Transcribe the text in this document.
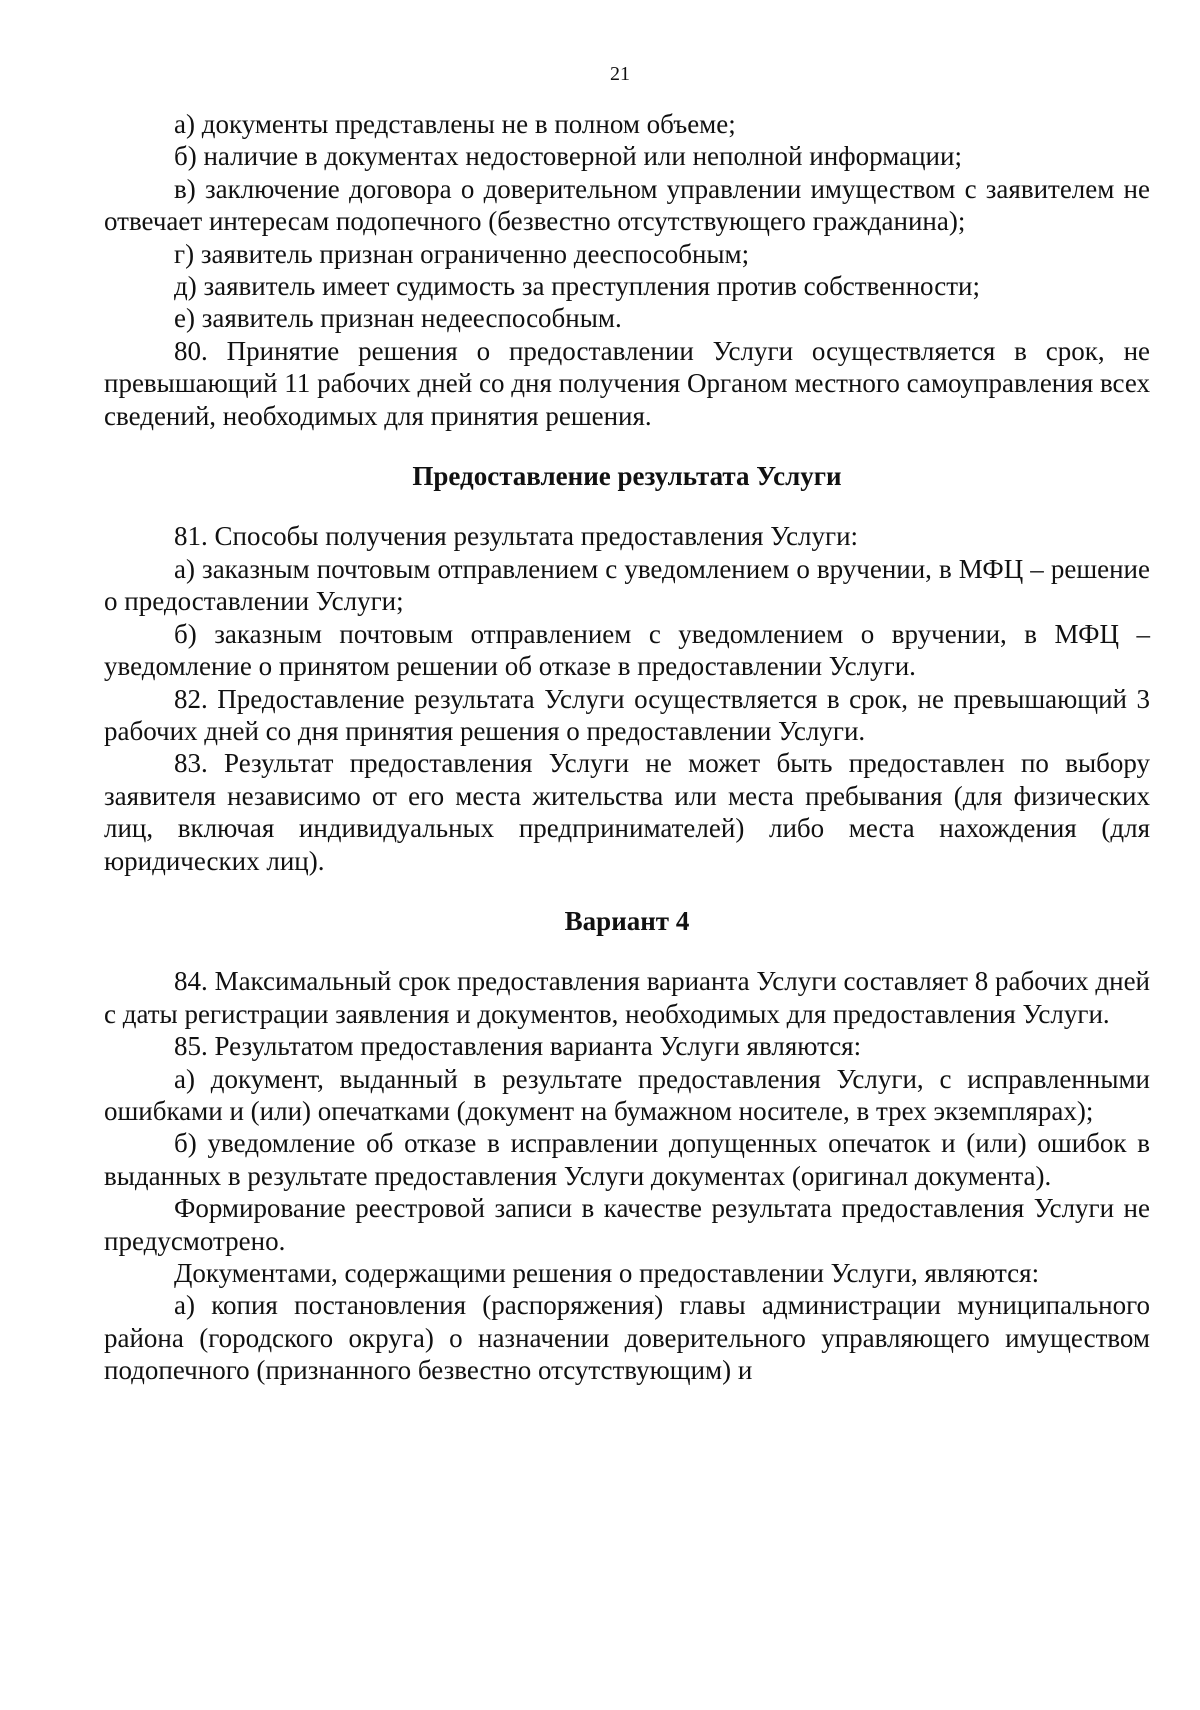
21

а) документы представлены не в полном объеме;

б) наличие в документах недостоверной или неполной информации;

в) заключение договора о доверительном управлении имуществом с заявителем не отвечает интересам подопечного (безвестно отсутствующего гражданина);

г) заявитель признан ограниченно дееспособным;

д) заявитель имеет судимость за преступления против собственности;

е) заявитель признан недееспособным.

80. Принятие решения о предоставлении Услуги осуществляется в срок, не превышающий 11 рабочих дней со дня получения Органом местного самоуправления всех сведений, необходимых для принятия решения.

Предоставление результата Услуги

81. Способы получения результата предоставления Услуги:

а) заказным почтовым отправлением с уведомлением о вручении, в МФЦ – решение о предоставлении Услуги;

б) заказным почтовым отправлением с уведомлением о вручении, в МФЦ – уведомление о принятом решении об отказе в предоставлении Услуги.

82. Предоставление результата Услуги осуществляется в срок, не превышающий 3 рабочих дней со дня принятия решения о предоставлении Услуги.

83. Результат предоставления Услуги не может быть предоставлен по выбору заявителя независимо от его места жительства или места пребывания (для физических лиц, включая индивидуальных предпринимателей) либо места нахождения (для юридических лиц).

Вариант 4

84. Максимальный срок предоставления варианта Услуги составляет 8 рабочих дней с даты регистрации заявления и документов, необходимых для предоставления Услуги.

85. Результатом предоставления варианта Услуги являются:

а) документ, выданный в результате предоставления Услуги, с исправленными ошибками и (или) опечатками (документ на бумажном носителе, в трех экземплярах);

б) уведомление об отказе в исправлении допущенных опечаток и (или) ошибок в выданных в результате предоставления Услуги документах (оригинал документа).

Формирование реестровой записи в качестве результата предоставления Услуги не предусмотрено.

Документами, содержащими решения о предоставлении Услуги, являются:

а) копия постановления (распоряжения) главы администрации муниципального района (городского округа) о назначении доверительного управляющего имуществом подопечного (признанного безвестно отсутствующим) и
